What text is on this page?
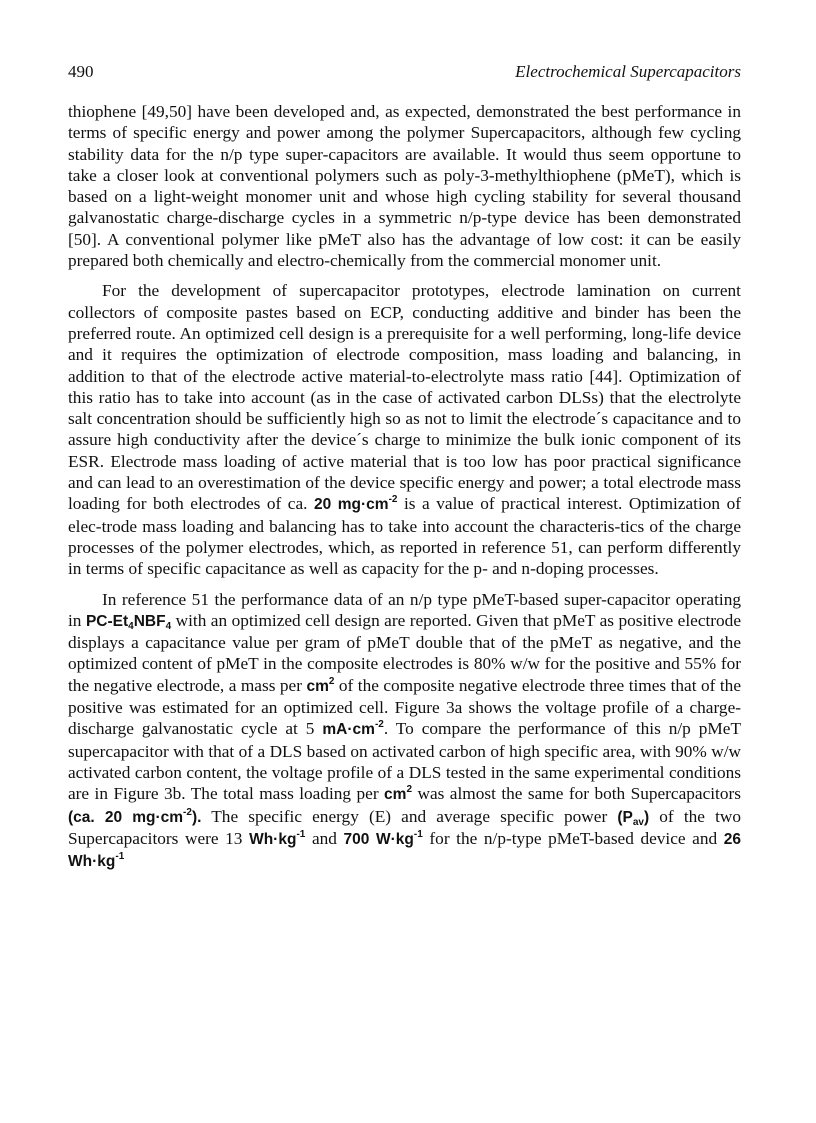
490	Electrochemical Supercapacitors

thiophene [49,50] have been developed and, as expected, demonstrated the best performance in terms of specific energy and power among the polymer Supercapacitors, although few cycling stability data for the n/p type super-capacitors are available. It would thus seem opportune to take a closer look at conventional polymers such as poly-3-methylthiophene (pMeT), which is based on a light-weight monomer unit and whose high cycling stability for several thousand galvanostatic charge-discharge cycles in a symmetric n/p-type device has been demonstrated [50]. A conventional polymer like pMeT also has the advantage of low cost: it can be easily prepared both chemically and electro-chemically from the commercial monomer unit.

For the development of supercapacitor prototypes, electrode lamination on current collectors of composite pastes based on ECP, conducting additive and binder has been the preferred route. An optimized cell design is a prerequisite for a well performing, long-life device and it requires the optimization of electrode composition, mass loading and balancing, in addition to that of the electrode active material-to-electrolyte mass ratio [44]. Optimization of this ratio has to take into account (as in the case of activated carbon DLSs) that the electrolyte salt concentration should be sufficiently high so as not to limit the electrode´s capacitance and to assure high conductivity after the device´s charge to minimize the bulk ionic component of its ESR. Electrode mass loading of active material that is too low has poor practical significance and can lead to an overestimation of the device specific energy and power; a total electrode mass loading for both electrodes of ca. 20 $mg\cdot cm^{-2}$ is a value of practical interest. Optimization of elec-trode mass loading and balancing has to take into account the characteris-tics of the charge processes of the polymer electrodes, which, as reported in reference 51, can perform differently in terms of specific capacitance as well as capacity for the p- and n-doping processes.

In reference 51 the performance data of an n/p type pMeT-based super-capacitor operating in $PC-Et_4NBF_4$ with an optimized cell design are reported. Given that pMeT as positive electrode displays a capacitance value per gram of pMeT double that of the pMeT as negative, and the optimized content of pMeT in the composite electrodes is 80% w/w for the positive and 55% for the negative electrode, a mass per $cm^2$ of the composite negative electrode three times that of the positive was estimated for an optimized cell. Figure 3a shows the voltage profile of a charge-discharge galvanostatic cycle at 5 $mA\cdot cm^{-2}$. To compare the performance of this n/p pMeT supercapacitor with that of a DLS based on activated carbon of high specific area, with 90% w/w activated carbon content, the voltage profile of a DLS tested in the same experimental conditions are in Figure 3b. The total mass loading per $cm^2$ was almost the same for both Supercapacitors (ca. 20 $mg\cdot cm^{-2}$). The specific energy (E) and average specific power $(P_{av})$ of the two Supercapacitors were 13 $Wh\cdot kg^{-1}$ and 700 $W\cdot kg^{-1}$ for the n/p-type pMeT-based device and 26 $Wh\cdot kg^{-1}$
